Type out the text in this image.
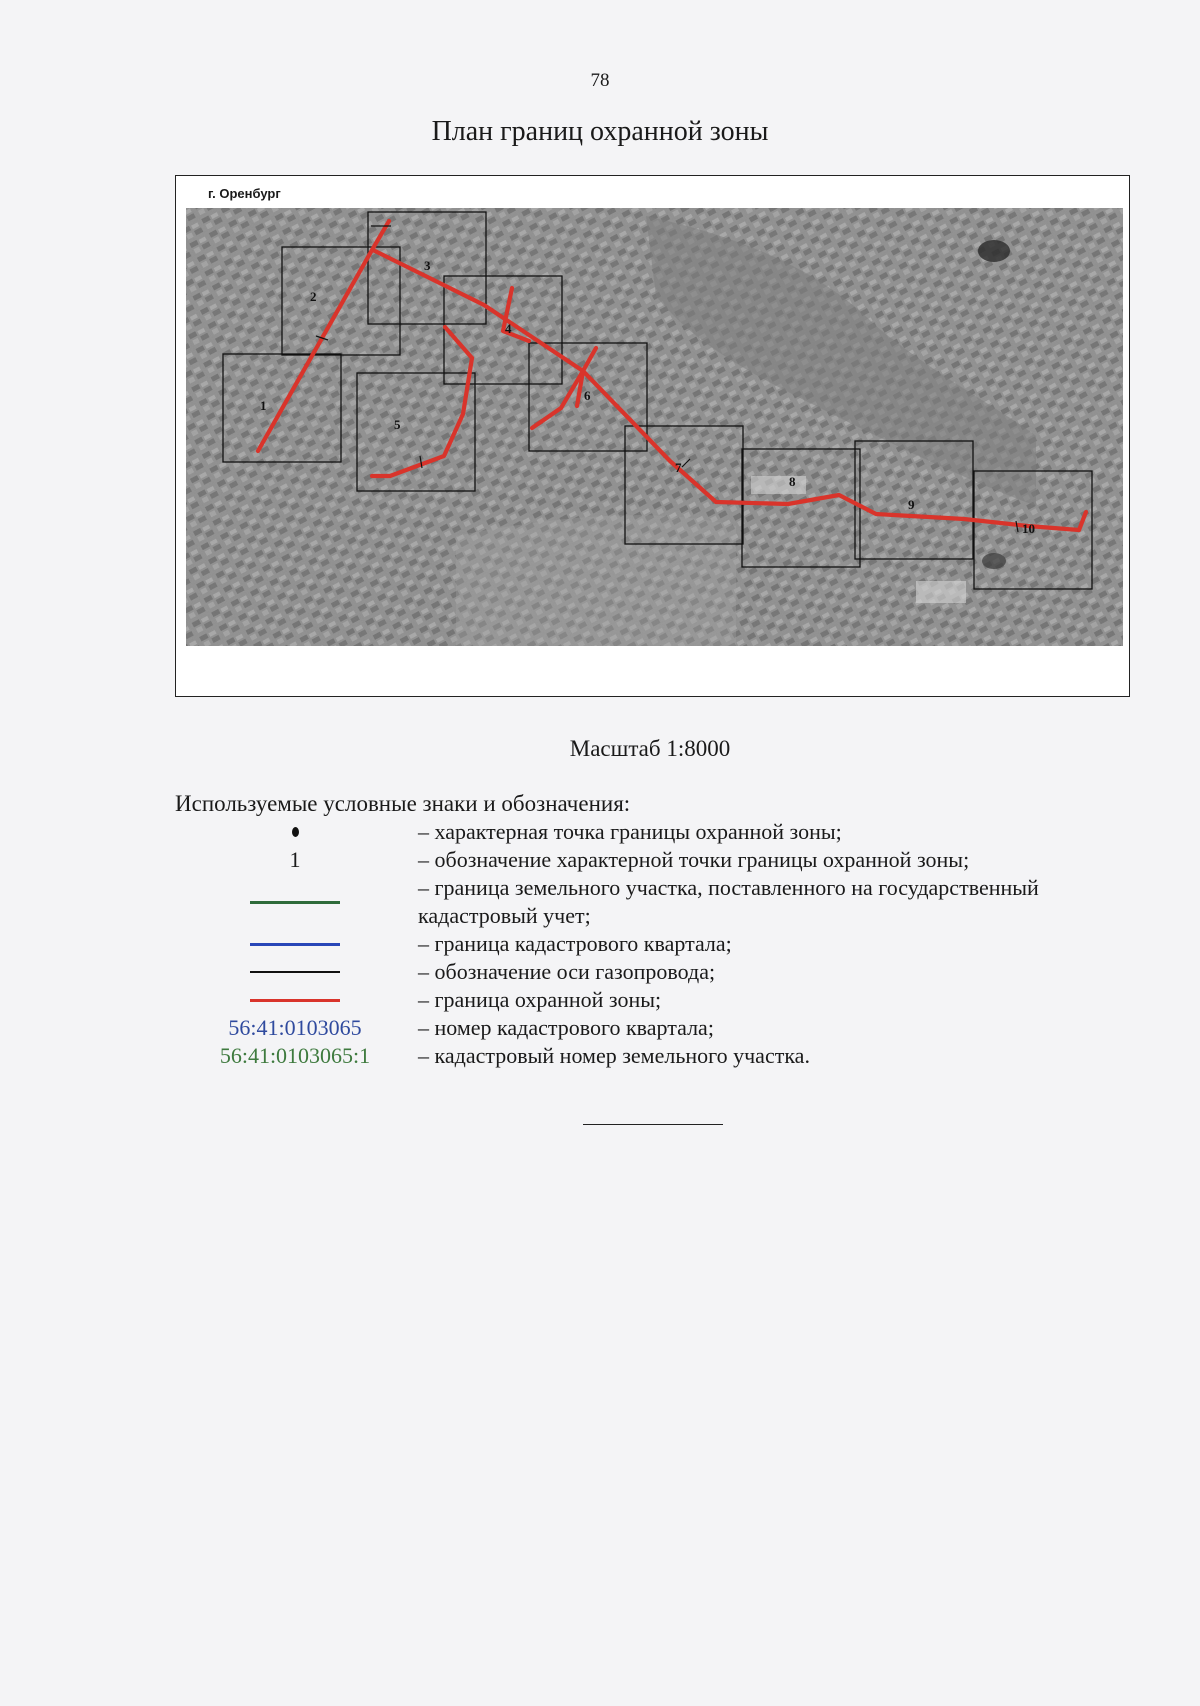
78
План границ охранной зоны
1
2
3
4
5
6
7
8
9
10
г. Оренбург
Масштаб 1:8000
Используемые условные знаки и обозначения:
– характерная точка границы охранной зоны;
1	– обозначение характерной точки границы охранной зоны;
– граница земельного участка, поставленного на государственный кадастровый учет;
– граница кадастрового квартала;
– обозначение оси газопровода;
– граница охранной зоны;
56:41:0103065	– номер кадастрового квартала;
56:41:0103065:1 – кадастровый номер земельного участка.
